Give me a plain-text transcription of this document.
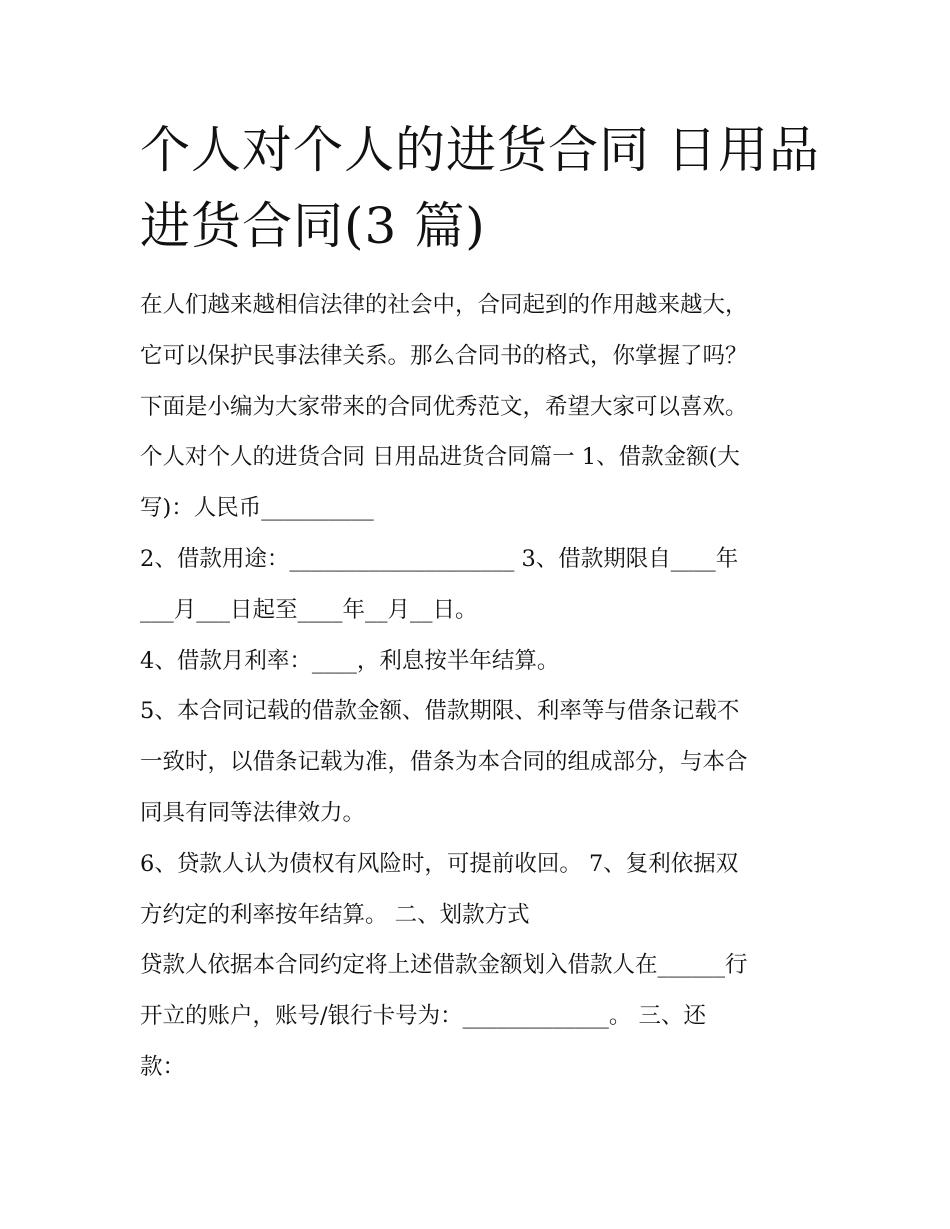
个人对个人的进货合同 日用品
进货合同(3 篇)
在人们越来越相信法律的社会中，合同起到的作用越来越大，
它可以保护民事法律关系。那么合同书的格式，你掌握了吗？
下面是小编为大家带来的合同优秀范文，希望大家可以喜欢。
个人对个人的进货合同 日用品进货合同篇一 1、借款金额(大
写)：人民币__________
2、借款用途：____________________ 3、借款期限自____年
___月___日起至____年__月__日。
4、借款月利率：____，利息按半年结算。
5、本合同记载的借款金额、借款期限、利率等与借条记载不
一致时，以借条记载为准，借条为本合同的组成部分，与本合
同具有同等法律效力。
6、贷款人认为债权有风险时，可提前收回。 7、复利依据双
方约定的利率按年结算。 二、划款方式
贷款人依据本合同约定将上述借款金额划入借款人在______行
开立的账户，账号/银行卡号为：_____________。 三、还
款：
